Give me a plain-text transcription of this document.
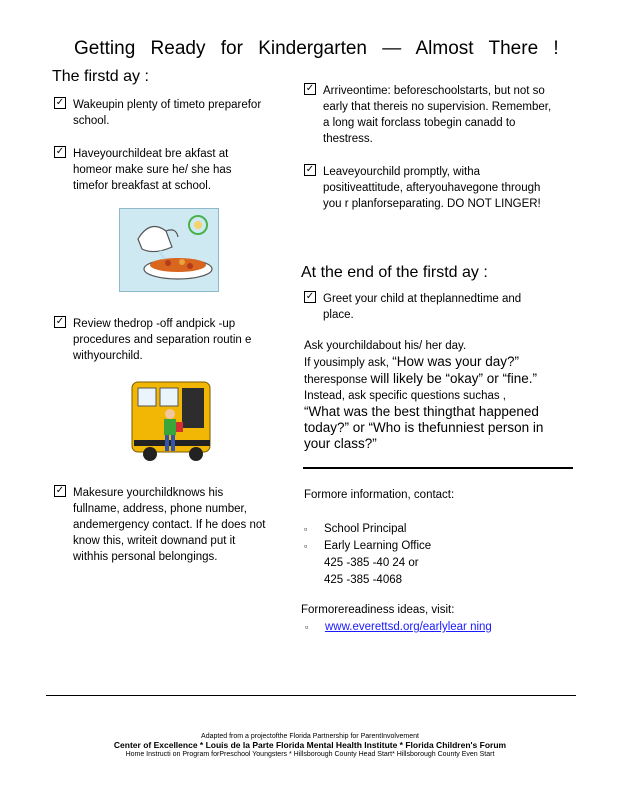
Getting Ready for Kindergarten — Almost There !
The firstd ay :
✓ Wakeupin plenty of timeto preparefor school.
✓ Haveyourchildeat bre akfast at homeor make sure he/ she has timefor breakfast at school.
✓ Review thedrop -off andpick -up procedures and separation routin e withyourchild.
✓ Makesure yourchildknows his fullname, address, phone number, andemergency contact. If he does not know this, writeit downand put it withhis personal belongings.
✓ Arriveontime: beforeschoolstarts, but not so early that thereis no supervision. Remember, a long wait forclass tobegin canadd to thestress.
✓ Leaveyourchild promptly, witha positiveattitude, afteryouhavegone through you r planforseparating. DO NOT LINGER!
At the end of the firstd ay :
✓ Greet your child at theplannedtime and place.
Ask yourchildabout his/ her day.
If yousimply ask, “How was your day?”
theresponse will likely be “okay” or “fine.”
Instead, ask specific questions suchas ,
“What was the best thingthat happened
today?” or “Who is thefunniest person in your class?”
Formore information, contact:
▫ School Principal
▫ Early Learning Office
425 -385 -40 24 or
425 -385 -4068
Formorereadiness ideas, visit:
▫ www.everettsd.org/earlylear ning
Adapted from a projectofthe Florida Partnership for ParentInvolvement
Center of Excellence * Louis de la Parte Florida Mental Health Institute * Florida Children's Forum
Home Instructi on Program forPreschool Youngsters * Hillsborough County Head Start* Hillsborough County Even Start
